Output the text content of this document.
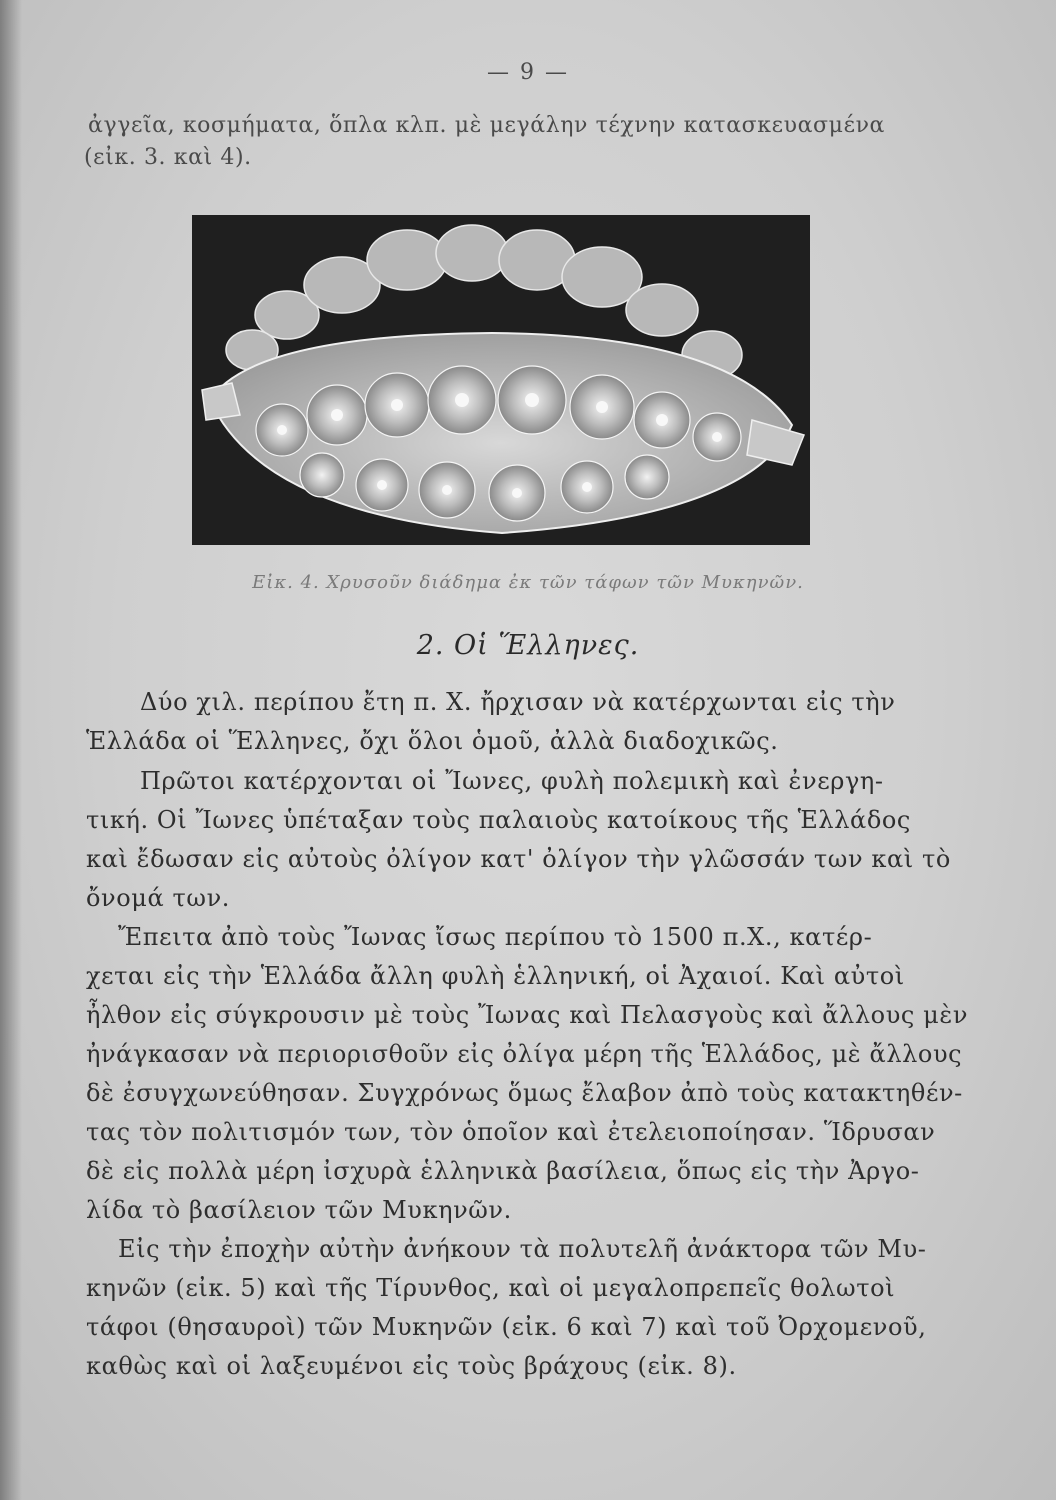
— 9 —
ἀγγεῖα, κοσμήματα, ὅπλα κλπ. μὲ μεγάλην τέχνην κατασκευασμένα
(εἰκ. 3. καὶ 4).
Εἰκ. 4. Χρυσοῦν διάδημα ἐκ τῶν τάφων τῶν Μυκηνῶν.
2. Οἱ Ἕλληνες.
Δύο χιλ. περίπου ἔτη π. Χ. ἤρχισαν νὰ κατέρχωνται εἰς τὴν
Ἑλλάδα οἱ Ἕλληνες, ὄχι ὅλοι ὁμοῦ, ἀλλὰ διαδοχικῶς.
Πρῶτοι κατέρχονται οἱ Ἴωνες, φυλὴ πολεμικὴ καὶ ἐνεργη-
τική. Οἱ Ἴωνες ὑπέταξαν τοὺς παλαιοὺς κατοίκους τῆς Ἑλλάδος
καὶ ἔδωσαν εἰς αὐτοὺς ὀλίγον κατ' ὀλίγον τὴν γλῶσσάν των καὶ τὸ
ὄνομά των.
Ἔπειτα ἀπὸ τοὺς Ἴωνας ἴσως περίπου τὸ 1500 π.Χ., κατέρ-
χεται εἰς τὴν Ἑλλάδα ἄλλη φυλὴ ἑλληνική, οἱ Ἀχαιοί. Καὶ αὐτοὶ
ἦλθον εἰς σύγκρουσιν μὲ τοὺς Ἴωνας καὶ Πελασγοὺς καὶ ἄλλους μὲν
ἠνάγκασαν νὰ περιορισθοῦν εἰς ὀλίγα μέρη τῆς Ἑλλάδος, μὲ ἄλλους
δὲ ἐσυγχωνεύθησαν. Συγχρόνως ὅμως ἔλαβον ἀπὸ τοὺς κατακτηθέν-
τας τὸν πολιτισμόν των, τὸν ὁποῖον καὶ ἐτελειοποίησαν. Ἵδρυσαν
δὲ εἰς πολλὰ μέρη ἰσχυρὰ ἑλληνικὰ βασίλεια, ὅπως εἰς τὴν Ἀργο-
λίδα τὸ βασίλειον τῶν Μυκηνῶν.
Εἰς τὴν ἐποχὴν αὐτὴν ἀνήκουν τὰ πολυτελῆ ἀνάκτορα τῶν Μυ-
κηνῶν (εἰκ. 5) καὶ τῆς Τίρυνθος, καὶ οἱ μεγαλοπρεπεῖς θολωτοὶ
τάφοι (θησαυροὶ) τῶν Μυκηνῶν (εἰκ. 6 καὶ 7) καὶ τοῦ Ὀρχομενοῦ,
καθὼς καὶ οἱ λαξευμένοι εἰς τοὺς βράχους (εἰκ. 8).
